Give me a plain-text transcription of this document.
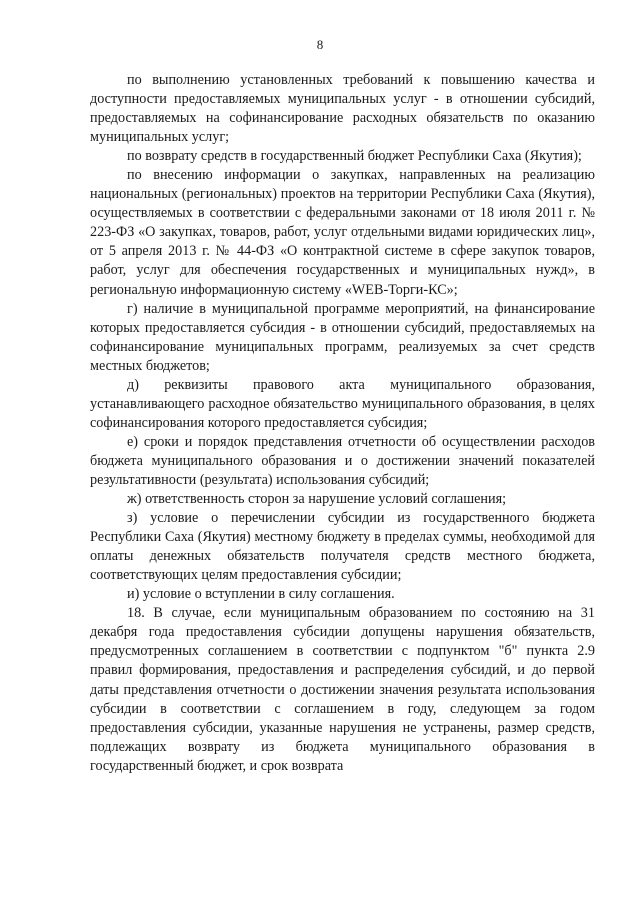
8

по выполнению установленных требований к повышению качества и доступности предоставляемых муниципальных услуг - в отношении субсидий, предоставляемых на софинансирование расходных обязательств по оказанию муниципальных услуг;

по возврату средств в государственный бюджет Республики Саха (Якутия);

по внесению информации о закупках, направленных на реализацию национальных (региональных) проектов на территории Республики Саха (Якутия), осуществляемых в соответствии с федеральными законами от 18 июля 2011 г. № 223-ФЗ «О закупках, товаров, работ, услуг отдельными видами юридических лиц», от 5 апреля 2013 г. № 44-ФЗ «О контрактной системе в сфере закупок товаров, работ, услуг для обеспечения государственных и муниципальных нужд», в региональную информационную систему «WEB-Торги-КС»;

г) наличие в муниципальной программе мероприятий, на финансирование которых предоставляется субсидия - в отношении субсидий, предоставляемых на софинансирование муниципальных программ, реализуемых за счет средств местных бюджетов;

д) реквизиты правового акта муниципального образования, устанавливающего расходное обязательство муниципального образования, в целях софинансирования которого предоставляется субсидия;

е) сроки и порядок представления отчетности об осуществлении расходов бюджета муниципального образования и о достижении значений показателей результативности (результата) использования субсидий;

ж) ответственность сторон за нарушение условий соглашения;

з) условие о перечислении субсидии из государственного бюджета Республики Саха (Якутия) местному бюджету в пределах суммы, необходимой для оплаты денежных обязательств получателя средств местного бюджета, соответствующих целям предоставления субсидии;

и) условие о вступлении в силу соглашения.

18. В случае, если муниципальным образованием по состоянию на 31 декабря года предоставления субсидии допущены нарушения обязательств, предусмотренных соглашением в соответствии с подпунктом "б" пункта 2.9 правил формирования, предоставления и распределения субсидий, и до первой даты представления отчетности о достижении значения результата использования субсидии в соответствии с соглашением в году, следующем за годом предоставления субсидии, указанные нарушения не устранены, размер средств, подлежащих возврату из бюджета муниципального образования в государственный бюджет, и срок возврата
